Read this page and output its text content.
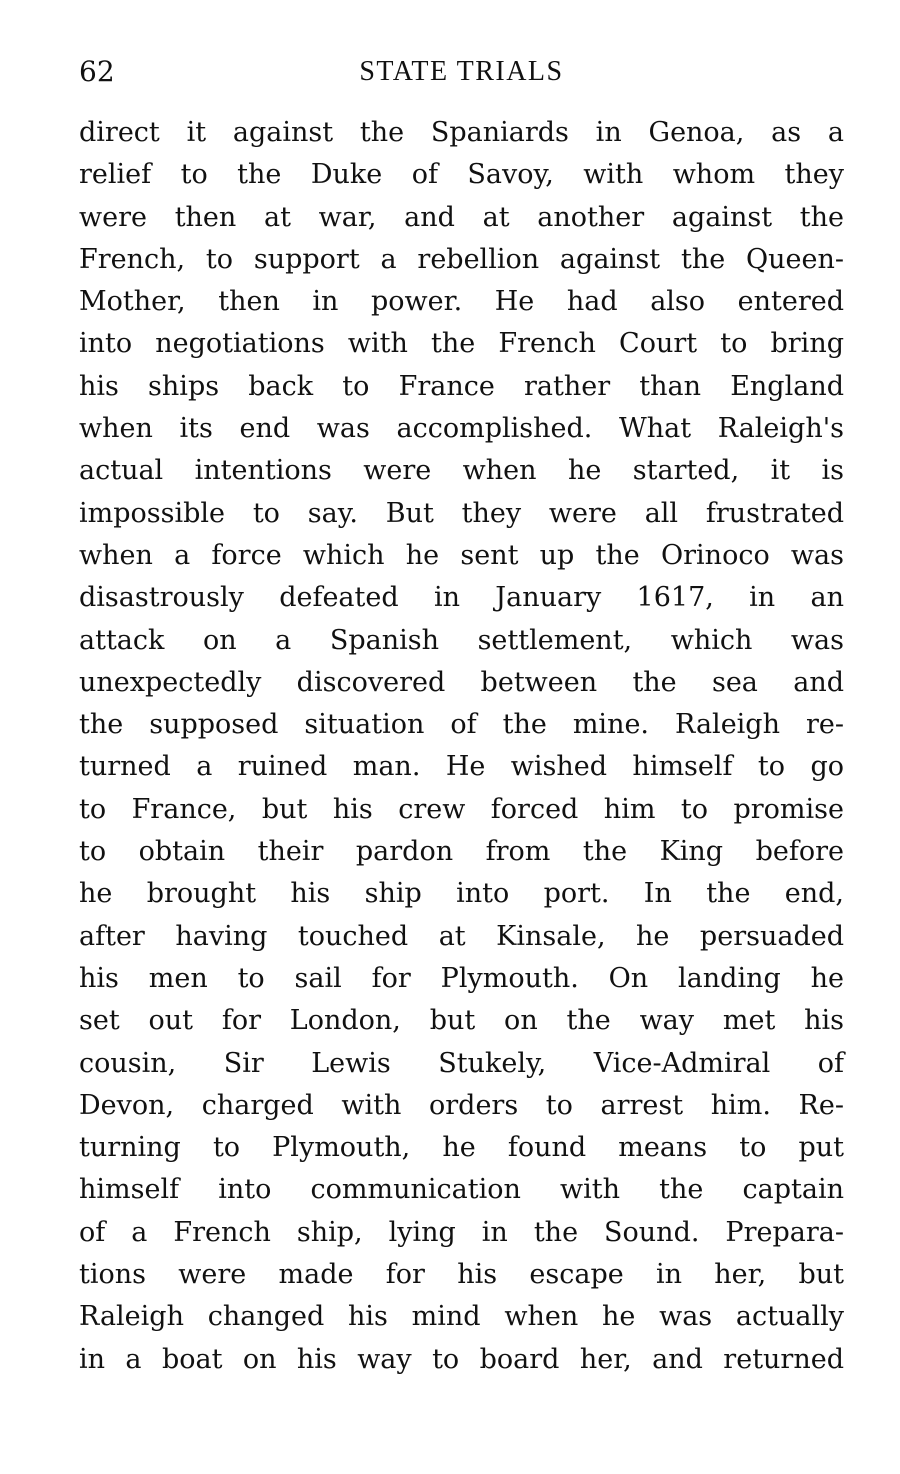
62	STATE TRIALS
direct it against the Spaniards in Genoa, as a
relief to the Duke of Savoy, with whom they
were then at war, and at another against the
French, to support a rebellion against the Queen-
Mother, then in power. He had also entered
into negotiations with the French Court to bring
his ships back to France rather than England
when its end was accomplished. What Raleigh's
actual intentions were when he started, it is
impossible to say. But they were all frustrated
when a force which he sent up the Orinoco was
disastrously defeated in January 1617, in an
attack on a Spanish settlement, which was
unexpectedly discovered between the sea and
the supposed situation of the mine. Raleigh re-
turned a ruined man. He wished himself to go
to France, but his crew forced him to promise
to obtain their pardon from the King before
he brought his ship into port. In the end,
after having touched at Kinsale, he persuaded
his men to sail for Plymouth. On landing he
set out for London, but on the way met his
cousin, Sir Lewis Stukely, Vice-Admiral of
Devon, charged with orders to arrest him. Re-
turning to Plymouth, he found means to put
himself into communication with the captain
of a French ship, lying in the Sound. Prepara-
tions were made for his escape in her, but
Raleigh changed his mind when he was actually
in a boat on his way to board her, and returned
